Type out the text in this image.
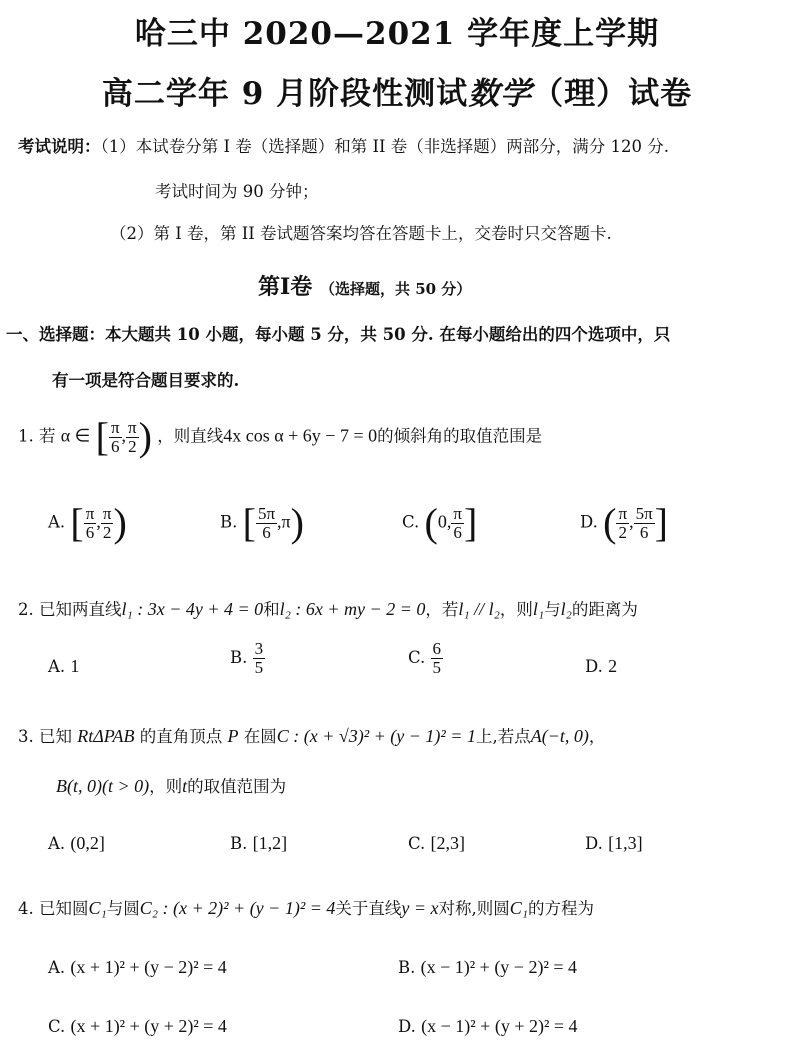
哈三中 2020—2021 学年度上学期
高二学年 9 月阶段性测试数学（理）试卷
考试说明：（1）本试卷分第 I 卷（选择题）和第 II 卷（非选择题）两部分，满分 120 分.
考试时间为 90 分钟；
（2）第 I 卷，第 II 卷试题答案均答在答题卡上，交卷时只交答题卡.
第Ⅰ卷 （选择题，共 50 分）
一、选择题：本大题共 10 小题，每小题 5 分，共 50 分. 在每小题给出的四个选项中，只
有一项是符合题目要求的.
1. 若 α ∈ [ $\frac{\pi}{6}$ , $\frac{\pi}{2}$ ) ，则直线4x cos α + 6y − 7 = 0的倾斜角的取值范围是
A. [ $\frac{\pi}{6}$ , $\frac{\pi}{2}$ )	B. [ $\frac{5\pi}{6} ,\pi$)	C. (0, $\frac{\pi}{6}$ ]	D. ( $\frac{\pi}{2}$ , $\frac{5\pi}{6}$ ]
2. 已知两直线l₁ : 3x − 4y + 4 = 0和l₂ : 6x + my − 2 = 0，若l₁ // l₂，则l₁与l₂的距离为
A. 1	B. $\frac{3}{5}$	C. $\frac{6}{5}$	D. 2
3. 已知 RtΔPAB 的直角顶点 P 在圆C : (x + √3)² + (y − 1)² = 1上,若点A(−t, 0)，
B(t, 0)(t > 0)，则t的取值范围为
A. (0,2]	B. [1,2]	C. [2,3]	D. [1,3]
4. 已知圆C₁与圆C₂ : (x + 2)² + (y − 1)² = 4关于直线y = x对称,则圆C₁的方程为
A. (x + 1)² + (y − 2)² = 4	B. (x − 1)² + (y − 2)² = 4
C. (x + 1)² + (y + 2)² = 4	D. (x − 1)² + (y + 2)² = 4
